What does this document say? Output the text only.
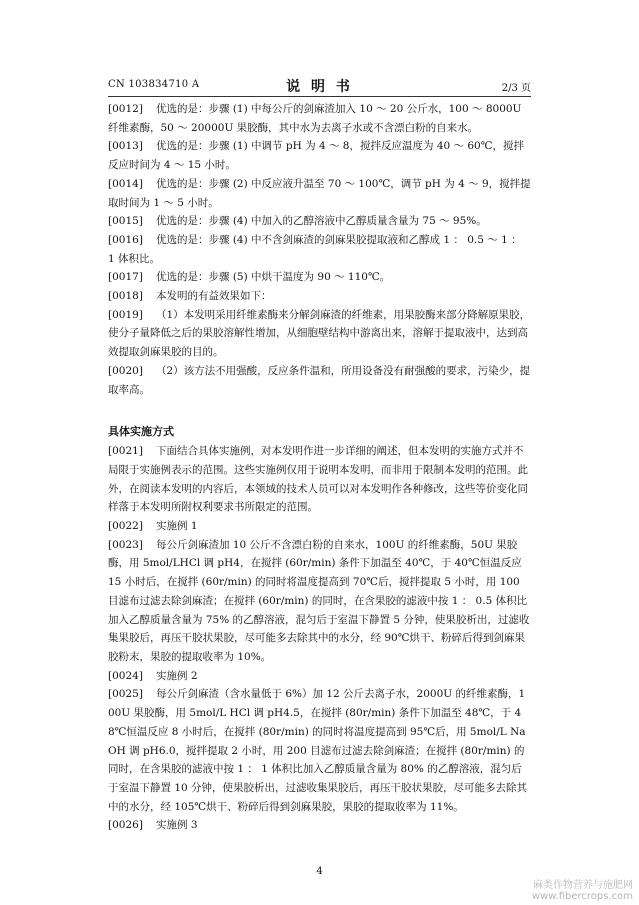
CN 103834710 A	说 明 书	2/3 页

[0012] 优选的是：步骤 (1) 中每公斤的剑麻渣加入 10 ～ 20 公斤水，100 ～ 8000U 纤维素酶，50 ～ 20000U 果胶酶，其中水为去离子水或不含漂白粉的自来水。

[0013] 优选的是：步骤 (1) 中调节 pH 为 4 ～ 8，搅拌反应温度为 40 ～ 60℃，搅拌反应时间为 4 ～ 15 小时。

[0014] 优选的是：步骤 (2) 中反应液升温至 70 ～ 100℃，调节 pH 为 4 ～ 9，搅拌提取时间为 1 ～ 5 小时。

[0015] 优选的是：步骤 (4) 中加入的乙醇溶液中乙醇质量含量为 75 ～ 95%。

[0016] 优选的是：步骤 (4) 中不含剑麻渣的剑麻果胶提取液和乙醇成 1 ： 0.5 ～ 1 ： 1 体积比。

[0017] 优选的是：步骤 (5) 中烘干温度为 90 ～ 110℃。

[0018] 本发明的有益效果如下：

[0019] （1）本发明采用纤维素酶来分解剑麻渣的纤维素，用果胶酶来部分降解原果胶，使分子量降低之后的果胶溶解性增加，从细胞壁结构中游离出来，溶解于提取液中，达到高效提取剑麻果胶的目的。

[0020] （2）该方法不用强酸，反应条件温和，所用设备没有耐强酸的要求，污染少，提取率高。

具体实施方式

[0021] 下面结合具体实施例，对本发明作进一步详细的阐述，但本发明的实施方式并不局限于实施例表示的范围。这些实施例仅用于说明本发明，而非用于限制本发明的范围。此外，在阅读本发明的内容后，本领域的技术人员可以对本发明作各种修改，这些等价变化同样落于本发明所附权利要求书所限定的范围。

[0022] 实施例 1

[0023] 每公斤剑麻渣加 10 公斤不含漂白粉的自来水，100U 的纤维素酶，50U 果胶酶，用 5mol/LHCl 调 pH4，在搅拌 (60r/min) 条件下加温至 40℃，于 40℃恒温反应 15 小时后，在搅拌 (60r/min) 的同时将温度提高到 70℃后，搅拌提取 5 小时，用 100 目滤布过滤去除剑麻渣；在搅拌 (60r/min) 的同时，在含果胶的滤液中按 1 ： 0.5 体积比加入乙醇质量含量为 75% 的乙醇溶液，混匀后于室温下静置 5 分钟，使果胶析出，过滤收集果胶后，再压干胶状果胶，尽可能多去除其中的水分，经 90℃烘干、粉碎后得到剑麻果胶粉末，果胶的提取收率为 10%。

[0024] 实施例 2

[0025] 每公斤剑麻渣（含水量低于 6%）加 12 公斤去离子水，2000U 的纤维素酶，100U 果胶酶，用 5mol/L HCl 调 pH4.5，在搅拌 (80r/min) 条件下加温至 48℃，于 48℃恒温反应 8 小时后，在搅拌 (80r/min) 的同时将温度提高到 95℃后，用 5mol/L NaOH 调 pH6.0，搅拌提取 2 小时，用 200 目滤布过滤去除剑麻渣；在搅拌 (80r/min) 的同时，在含果胶的滤液中按 1 ： 1 体积比加入乙醇质量含量为 80% 的乙醇溶液，混匀后于室温下静置 10 分钟，使果胶析出，过滤收集果胶后，再压干胶状果胶，尽可能多去除其中的水分，经 105℃烘干、粉碎后得到剑麻果胶，果胶的提取收率为 11%。

[0026] 实施例 3

4
麻类作物营养与施肥网
www.fibercrops.com
